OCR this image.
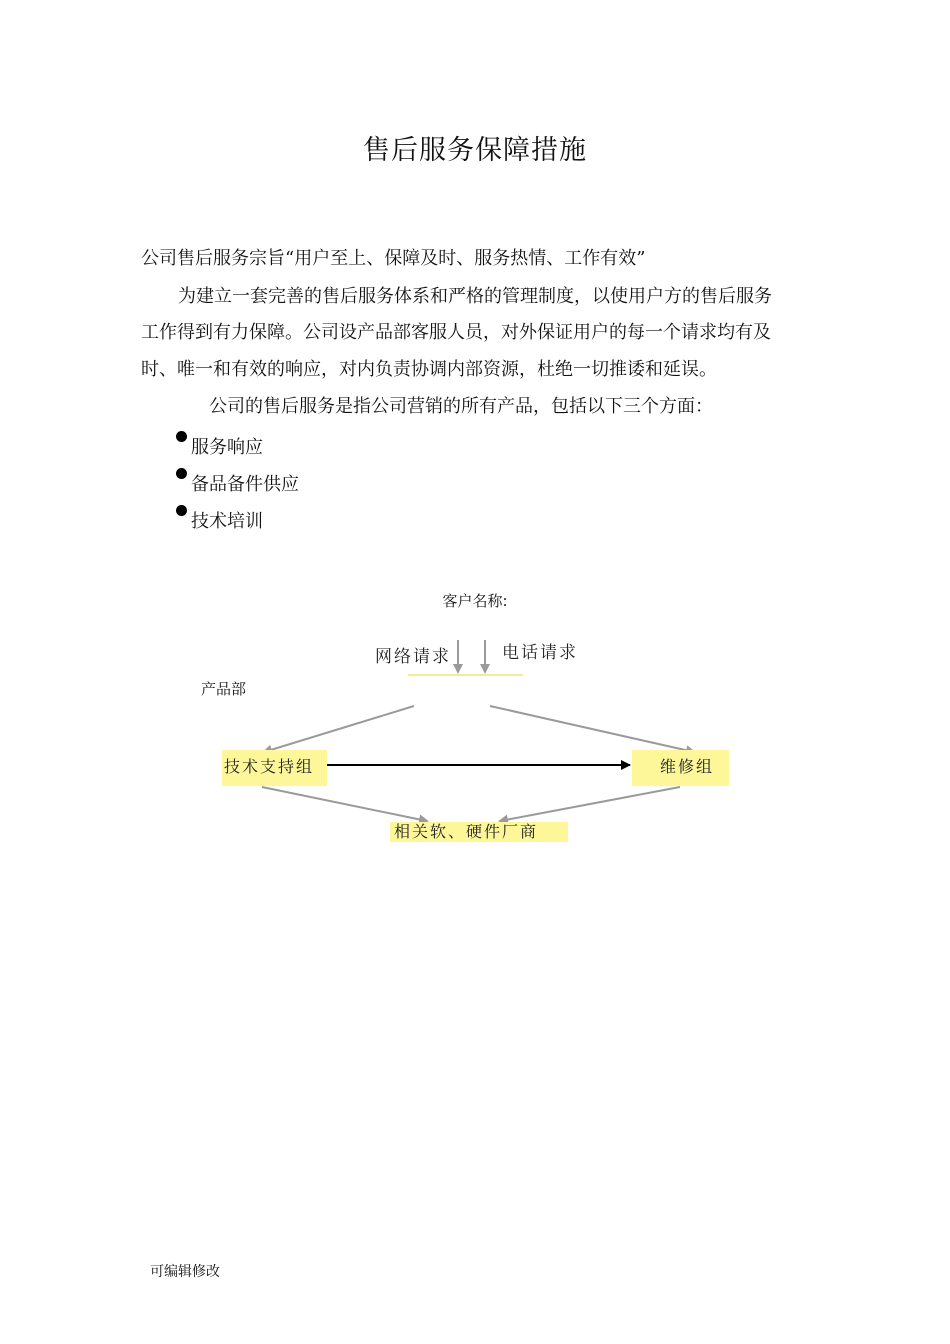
售后服务保障措施
公司售后服务宗旨“用户至上、保障及时、服务热情、工作有效”
为建立一套完善的售后服务体系和严格的管理制度，以使用户方的售后服务
工作得到有力保障。公司设产品部客服人员，对外保证用户的每一个请求均有及
时、唯一和有效的响应，对内负责协调内部资源，杜绝一切推诿和延误。
公司的售后服务是指公司营销的所有产品，包括以下三个方面：
服务响应
备品备件供应
技术培训
客户名称:
产品部
网络请求	电话请求
技术支持组	维修组
相关软、硬件厂商
可编辑修改
